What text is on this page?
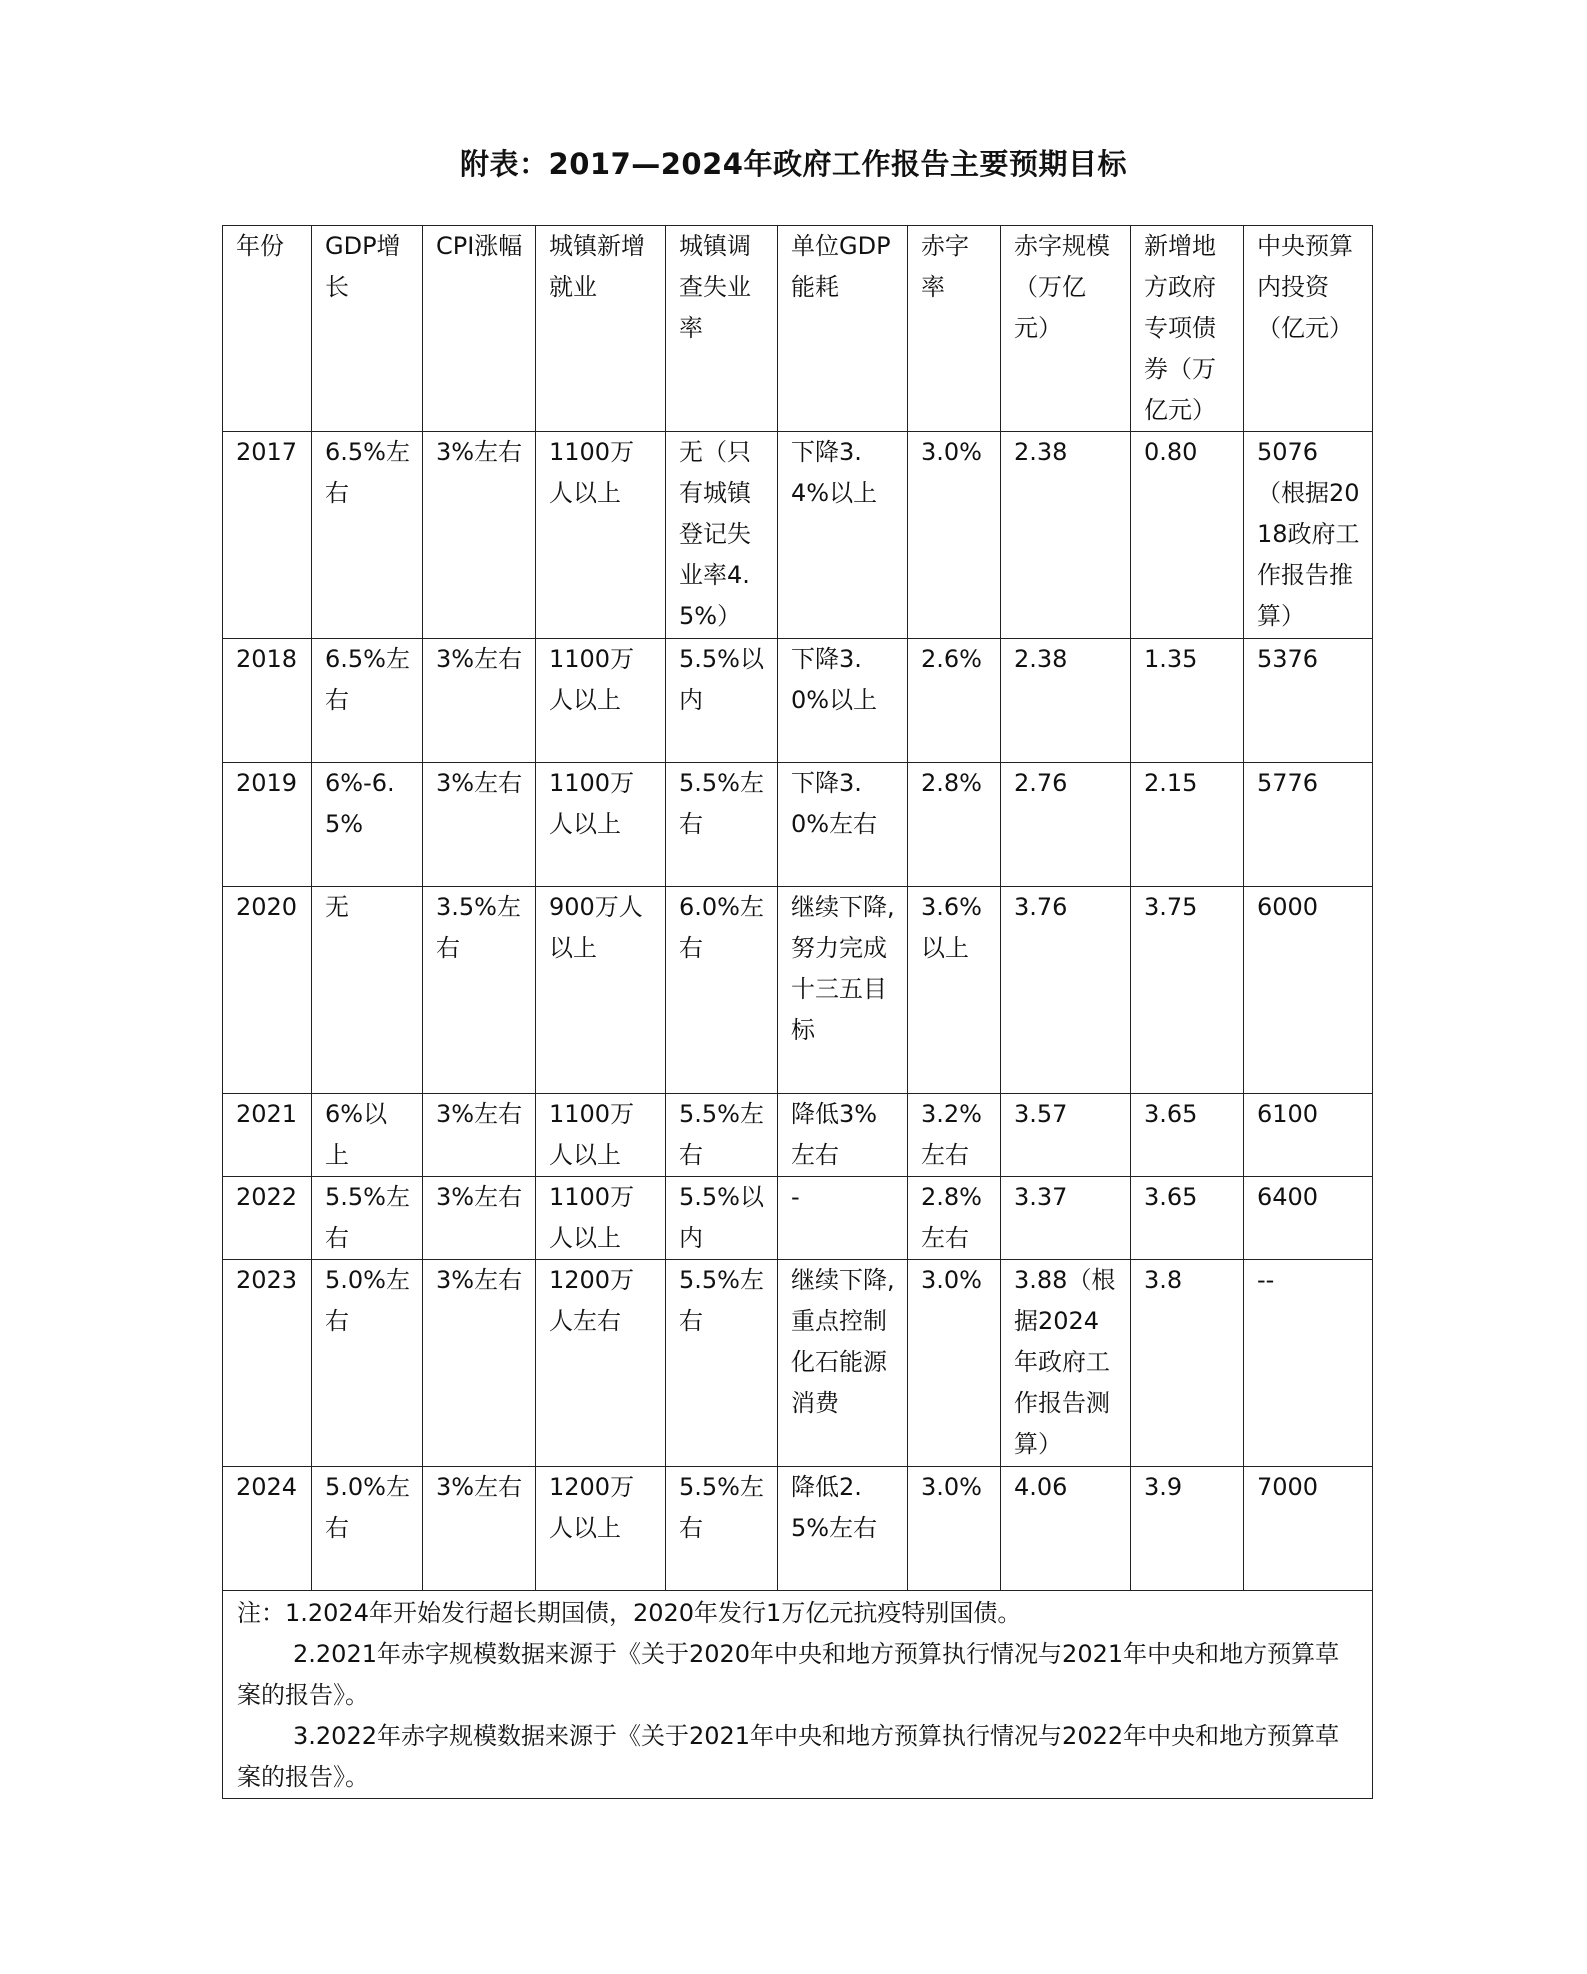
附表：2017—2024年政府工作报告主要预期目标
年份	GDP增长	CPI涨幅	城镇新增就业	城镇调查失业率	单位GDP能耗	赤字率	赤字规模（万亿元）	新增地方政府专项债券（万亿元）	中央预算内投资（亿元）
2017	6.5%左右	3%左右	1100万人以上	无（只有城镇登记失业率4.5%）	下降3.4%以上	3.0%	2.38	0.80	5076（根据2018政府工作报告推算）
2018	6.5%左右	3%左右	1100万人以上	5.5%以内	下降3.0%以上	2.6%	2.38	1.35	5376
2019	6%-6.5%	3%左右	1100万人以上	5.5%左右	下降3.0%左右	2.8%	2.76	2.15	5776
2020	无	3.5%左右	900万人以上	6.0%左右	继续下降,努力完成十三五目标	3.6%以上	3.76	3.75	6000
2021	6%以上	3%左右	1100万人以上	5.5%左右	降低3%左右	3.2%左右	3.57	3.65	6100
2022	5.5%左右	3%左右	1100万人以上	5.5%以内	-	2.8%左右	3.37	3.65	6400
2023	5.0%左右	3%左右	1200万人左右	5.5%左右	继续下降,重点控制化石能源消费	3.0%	3.88（根据2024年政府工作报告测算）	3.8	--
2024	5.0%左右	3%左右	1200万人以上	5.5%左右	降低2.5%左右	3.0%	4.06	3.9	7000

注：1.2024年开始发行超长期国债，2020年发行1万亿元抗疫特别国债。

2.2021年赤字规模数据来源于《关于2020年中央和地方预算执行情况与2021年中央和地方预算草案的报告》。

3.2022年赤字规模数据来源于《关于2021年中央和地方预算执行情况与2022年中央和地方预算草案的报告》。									
